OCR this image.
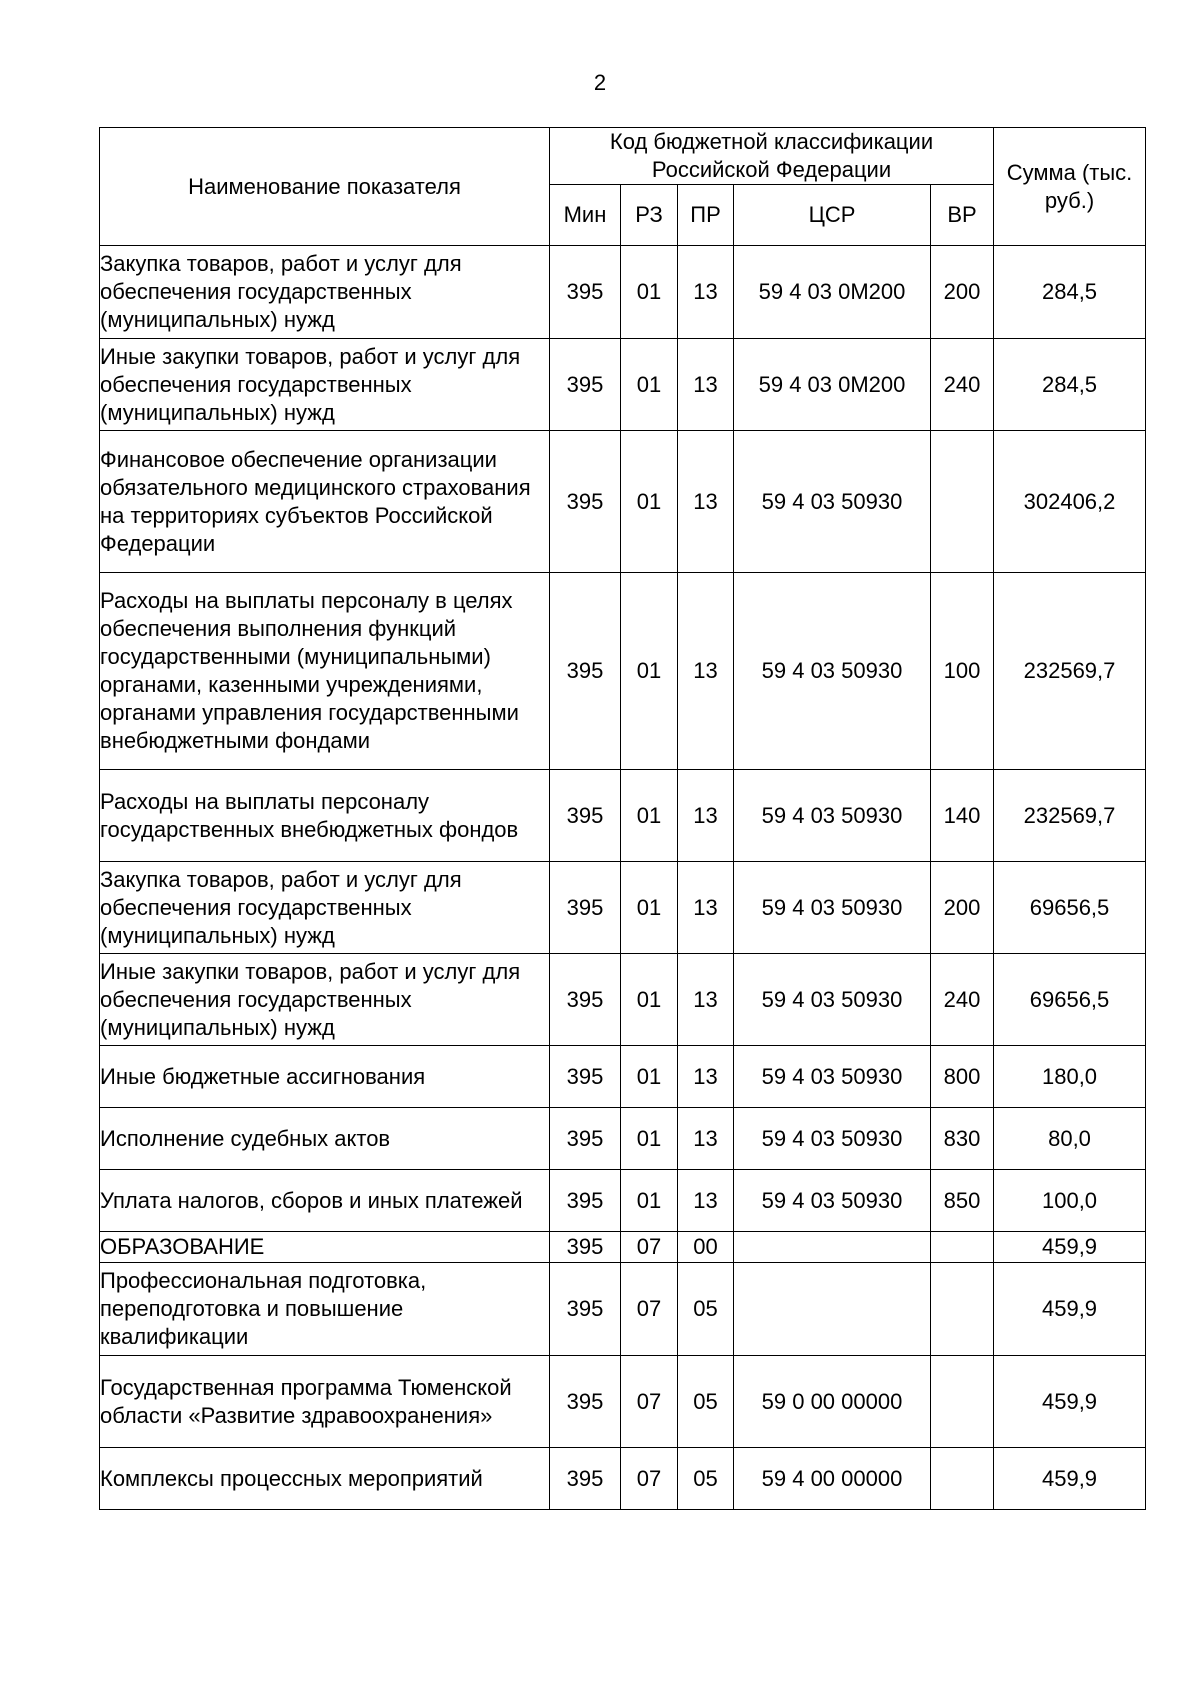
2
Наименование показателя	Код бюджетной классификации Российской Федерации					Сумма (тыс. руб.)
	Мин	РЗ	ПР	ЦСР	ВР	
Закупка товаров, работ и услуг для обеспечения государственных (муниципальных) нужд	395	01	13	59 4 03 0М200	200	284,5
Иные закупки товаров, работ и услуг для обеспечения государственных (муниципальных) нужд	395	01	13	59 4 03 0М200	240	284,5
Финансовое обеспечение организации обязательного медицинского страхования на территориях субъектов Российской Федерации	395	01	13	59 4 03 50930		302406,2
Расходы на выплаты персоналу в целях обеспечения выполнения функций государственными (муниципальными) органами, казенными учреждениями, органами управления государственными внебюджетными фондами	395	01	13	59 4 03 50930	100	232569,7
Расходы на выплаты персоналу государственных внебюджетных фондов	395	01	13	59 4 03 50930	140	232569,7
Закупка товаров, работ и услуг для обеспечения государственных (муниципальных) нужд	395	01	13	59 4 03 50930	200	69656,5
Иные закупки товаров, работ и услуг для обеспечения государственных (муниципальных) нужд	395	01	13	59 4 03 50930	240	69656,5
Иные бюджетные ассигнования	395	01	13	59 4 03 50930	800	180,0
Исполнение судебных актов	395	01	13	59 4 03 50930	830	80,0
Уплата налогов, сборов и иных платежей	395	01	13	59 4 03 50930	850	100,0
ОБРАЗОВАНИЕ	395	07	00			459,9
Профессиональная подготовка, переподготовка и повышение квалификации	395	07	05			459,9
Государственная программа Тюменской области «Развитие здравоохранения»	395	07	05	59 0 00 00000		459,9
Комплексы процессных мероприятий	395	07	05	59 4 00 00000		459,9
